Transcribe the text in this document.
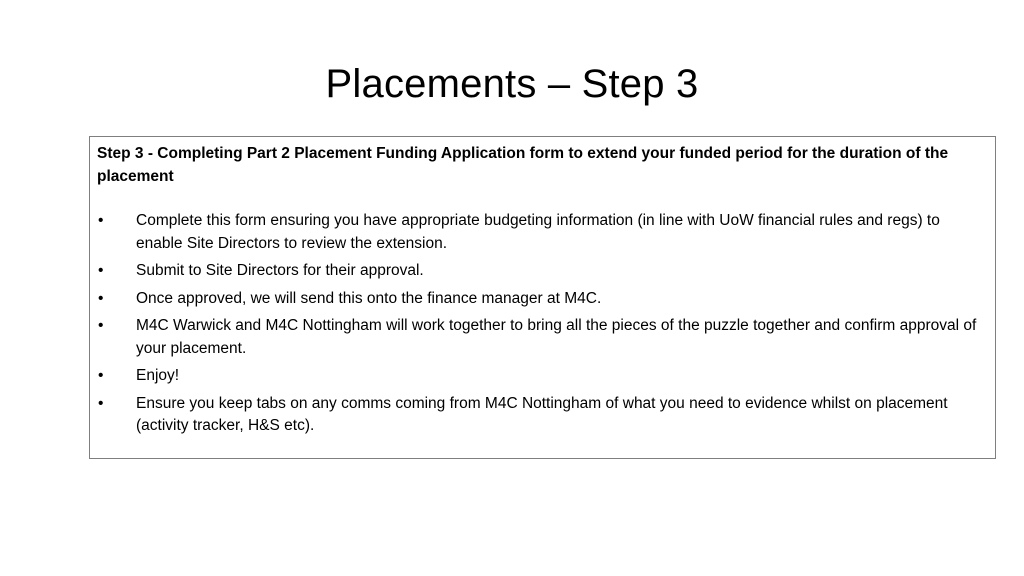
Placements – Step 3
Step 3 - Completing Part 2 Placement Funding Application form to extend your funded period for the duration of the placement
•	Complete this form ensuring you have appropriate budgeting information (in line with UoW financial rules and regs) to enable Site Directors to review the extension.
•	Submit to Site Directors for their approval.
•	Once approved, we will send this onto the finance manager at M4C.
•	M4C Warwick and M4C Nottingham will work together to bring all the pieces of the puzzle together and confirm approval of your placement.
•	Enjoy!
•	Ensure you keep tabs on any comms coming from M4C Nottingham of what you need to evidence whilst on placement (activity tracker, H&S etc).
